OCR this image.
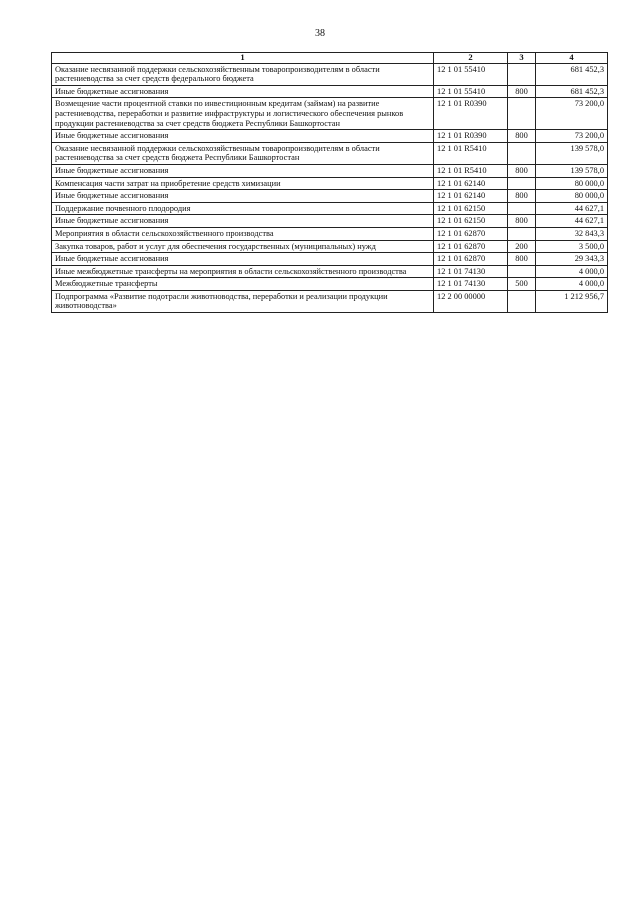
38
1	2	3	4
Оказание несвязанной поддержки сельскохозяйственным товаропроизводителям в области растениеводства за счет средств федерального бюджета	12 1 01 55410		681 452,3
Иные бюджетные ассигнования	12 1 01 55410	800	681 452,3
Возмещение части процентной ставки по инвестиционным кредитам (займам) на развитие растениеводства, переработки и развитие инфраструктуры и логистического обеспечения рынков продукции растениеводства за счет средств бюджета Республики Башкортостан	12 1 01 R0390		73 200,0
Иные бюджетные ассигнования	12 1 01 R0390	800	73 200,0
Оказание несвязанной поддержки сельскохозяйственным товаропроизводителям в области растениеводства за счет средств бюджета Республики Башкортостан	12 1 01 R5410		139 578,0
Иные бюджетные ассигнования	12 1 01 R5410	800	139 578,0
Компенсация части затрат на приобретение средств химизации	12 1 01 62140		80 000,0
Иные бюджетные ассигнования	12 1 01 62140	800	80 000,0
Поддержание почвенного плодородия	12 1 01 62150		44 627,1
Иные бюджетные ассигнования	12 1 01 62150	800	44 627,1
Мероприятия в области сельскохозяйственного производства	12 1 01 62870		32 843,3
Закупка товаров, работ и услуг для обеспечения государственных (муниципальных) нужд	12 1 01 62870	200	3 500,0
Иные бюджетные ассигнования	12 1 01 62870	800	29 343,3
Иные межбюджетные трансферты на мероприятия в области сельскохозяйственного производства	12 1 01 74130		4 000,0
Межбюджетные трансферты	12 1 01 74130	500	4 000,0
Подпрограмма «Развитие подотрасли животноводства, переработки и реализации продукции животноводства»	12 2 00 00000		1 212 956,7
